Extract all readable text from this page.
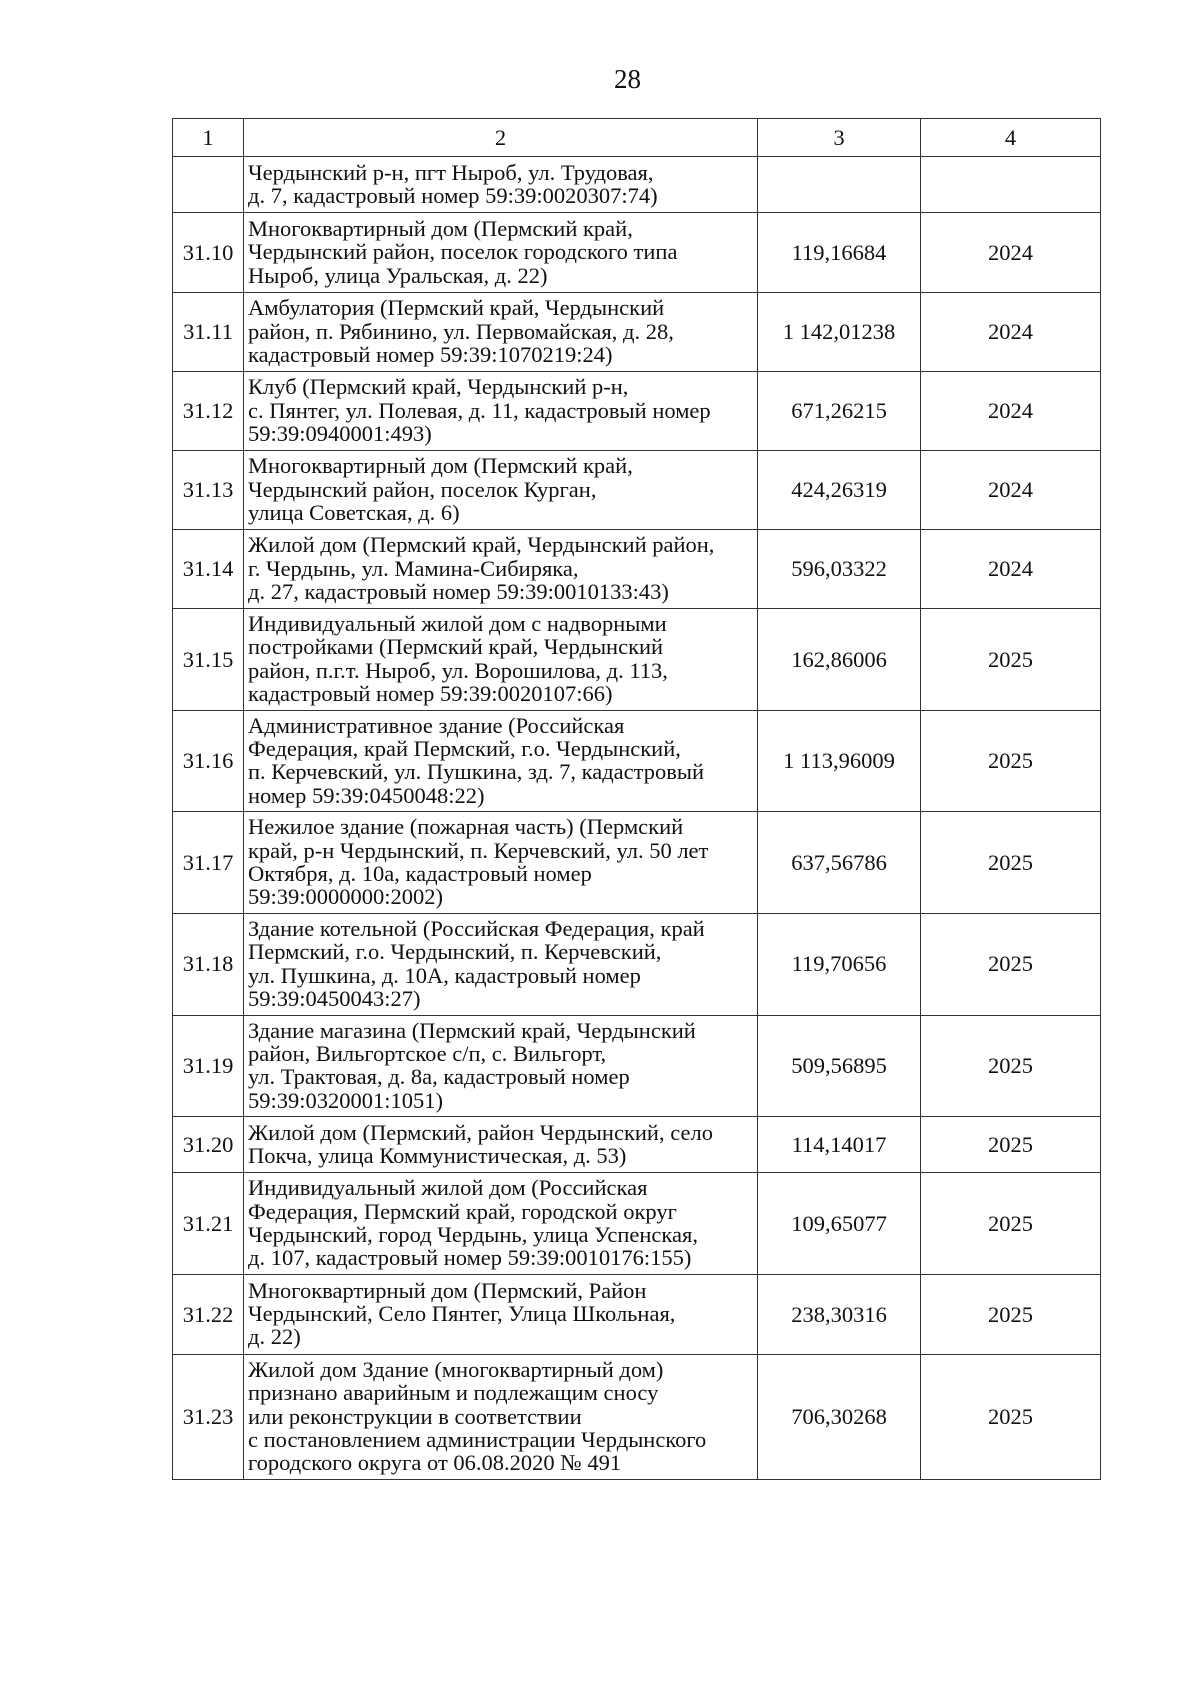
28
1	2	3	4

	Чердынский р-н, пгт Ныроб, ул. Трудовая,
д. 7, кадастровый номер 59:39:0020307:74)		

31.10	Многоквартирный дом (Пермский край,
Чердынский район, поселок городского типа
Ныроб, улица Уральская, д. 22)	119,16684	2024
31.11	Амбулатория (Пермский край, Чердынский
район, п. Рябинино, ул. Первомайская, д. 28,
кадастровый номер 59:39:1070219:24)	1 142,01238	2024
31.12	Клуб (Пермский край, Чердынский р-н,
с. Пянтег, ул. Полевая, д. 11, кадастровый номер
59:39:0940001:493)	671,26215	2024
31.13	Многоквартирный дом (Пермский край,
Чердынский район, поселок Курган,
улица Советская, д. 6)	424,26319	2024
31.14	Жилой дом (Пермский край, Чердынский район,
г. Чердынь, ул. Мамина-Сибиряка,
д. 27, кадастровый номер 59:39:0010133:43)	596,03322	2024
31.15	Индивидуальный жилой дом с надворными
постройками (Пермский край, Чердынский
район, п.г.т. Ныроб, ул. Ворошилова, д. 113,
кадастровый номер 59:39:0020107:66)	162,86006	2025
31.16	Административное здание (Российская
Федерация, край Пермский, г.о. Чердынский,
п. Керчевский, ул. Пушкина, зд. 7, кадастровый
номер 59:39:0450048:22)	1 113,96009	2025
31.17	Нежилое здание (пожарная часть) (Пермский
край, р-н Чердынский, п. Керчевский, ул. 50 лет
Октября, д. 10а, кадастровый номер
59:39:0000000:2002)	637,56786	2025
31.18	Здание котельной (Российская Федерация, край
Пермский, г.о. Чердынский, п. Керчевский,
ул. Пушкина, д. 10А, кадастровый номер
59:39:0450043:27)	119,70656	2025
31.19	Здание магазина (Пермский край, Чердынский
район, Вильгортское с/п, с. Вильгорт,
ул. Трактовая, д. 8а, кадастровый номер
59:39:0320001:1051)	509,56895	2025
31.20	Жилой дом (Пермский, район Чердынский, село
Покча, улица Коммунистическая, д. 53)	114,14017	2025
31.21	Индивидуальный жилой дом (Российская
Федерация, Пермский край, городской округ
Чердынский, город Чердынь, улица Успенская,
д. 107, кадастровый номер 59:39:0010176:155)	109,65077	2025
31.22	Многоквартирный дом (Пермский, Район
Чердынский, Село Пянтег, Улица Школьная,
д. 22)	238,30316	2025
31.23	Жилой дом Здание (многоквартирный дом)
признано аварийным и подлежащим сносу
или реконструкции в соответствии
с постановлением администрации Чердынского
городского округа от 06.08.2020 № 491	706,30268	2025
